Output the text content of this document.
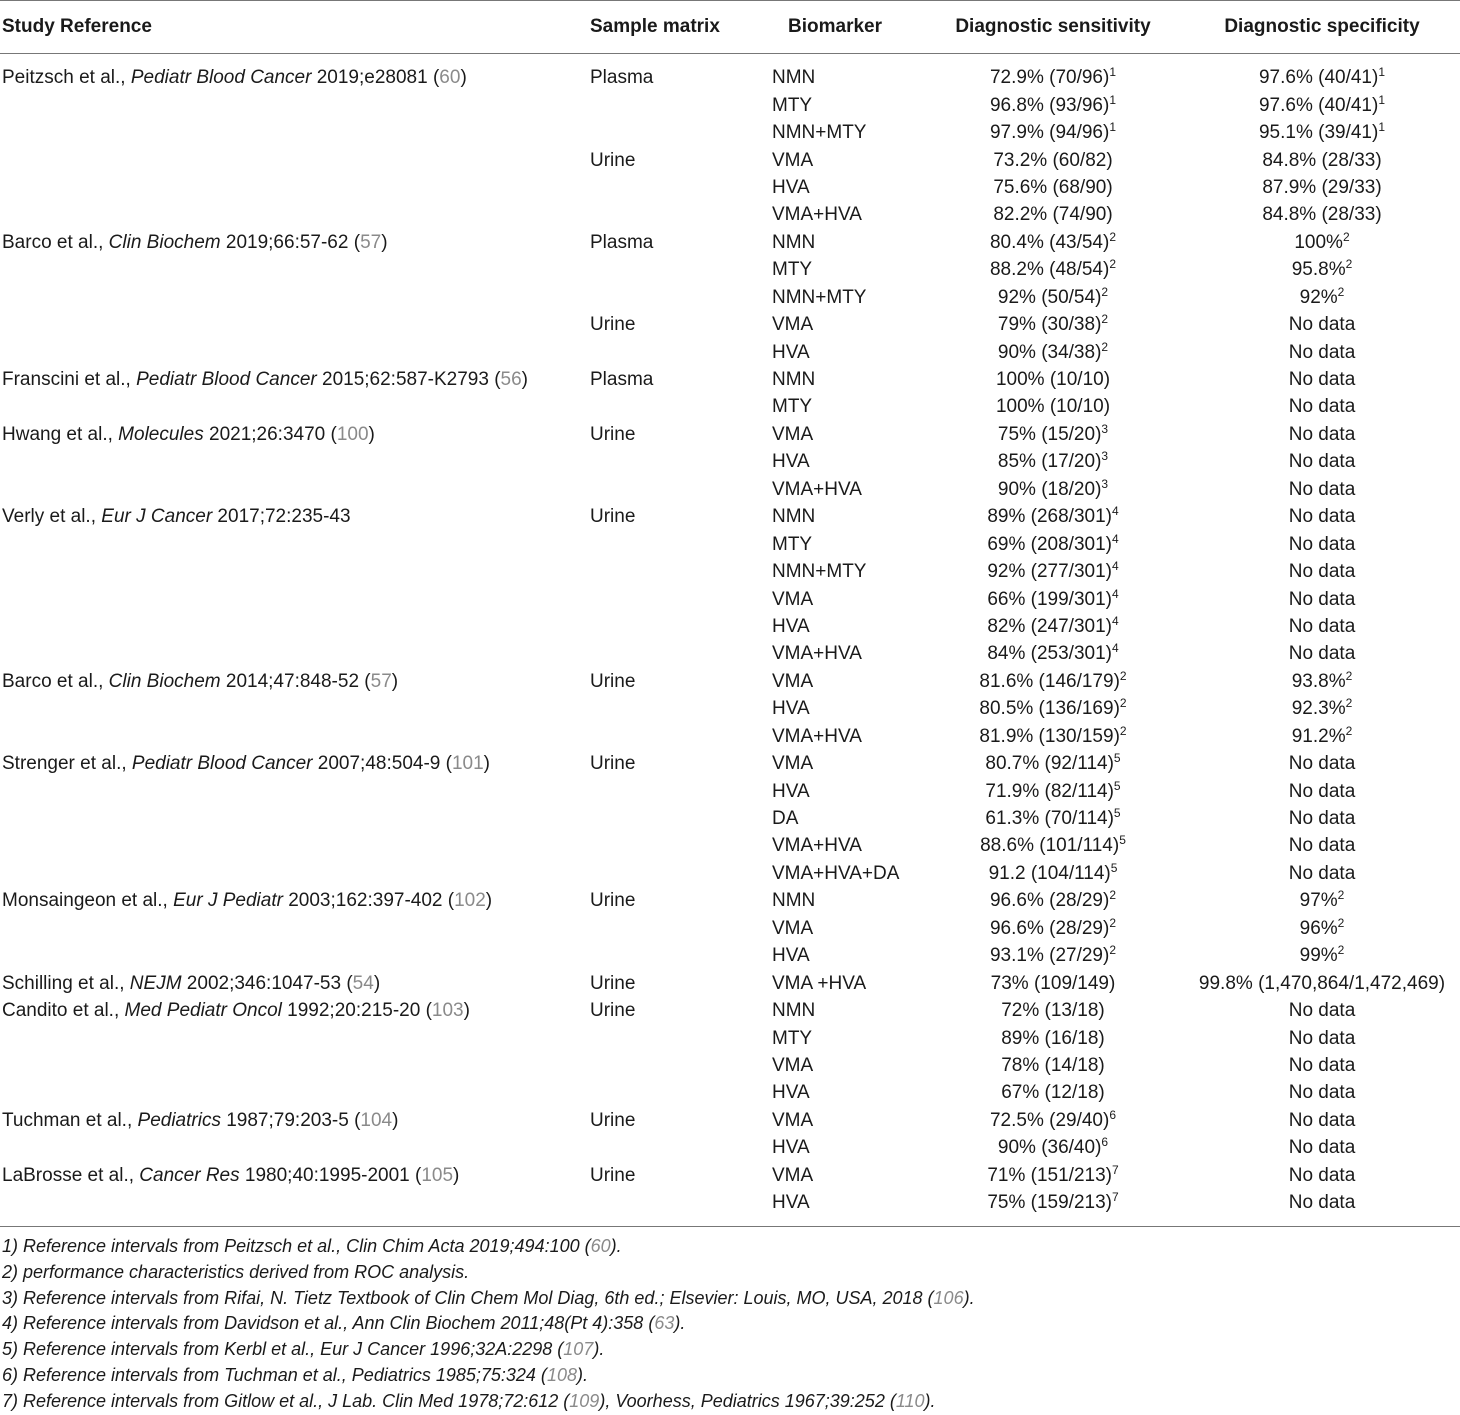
Study Reference	Sample matrix	Biomarker	Diagnostic sensitivity	Diagnostic specificity
Peitzsch et al., Pediatr Blood Cancer 2019;e28081 (60)	Plasma	NMN	72.9% $(70/96)^1$	97.6% $(40/41)^1$
		MTY	96.8% $(93/96)^1$	97.6% $(40/41)^1$
		NMN+MTY	97.9% $(94/96)^1$	95.1% $(39/41)^1$
	Urine	VMA	73.2% (60/82)	84.8% (28/33)
		HVA	75.6% (68/90)	87.9% (29/33)
		VMA+HVA	82.2% (74/90)	84.8% (28/33)
Barco et al., Clin Biochem 2019;66:57-62 (57)	Plasma	NMN	80.4% $(43/54)^2$	100%$^2$
		MTY	88.2% $(48/54)^2$	95.8%$^2$
		NMN+MTY	92% $(50/54)^2$	92%$^2$
	Urine	VMA	79% $(30/38)^2$	No data
		HVA	90% $(34/38)^2$	No data
Franscini et al., Pediatr Blood Cancer 2015;62:587-K2793 (56)	Plasma	NMN	100% (10/10)	No data
		MTY	100% (10/10)	No data
Hwang et al., Molecules 2021;26:3470 (100)	Urine	VMA	75% $(15/20)^3$	No data
		HVA	85% $(17/20)^3$	No data
		VMA+HVA	90% $(18/20)^3$	No data
Verly et al., Eur J Cancer 2017;72:235-43	Urine	NMN	89% $(268/301)^4$	No data
		MTY	69% $(208/301)^4$	No data
		NMN+MTY	92% $(277/301)^4$	No data
		VMA	66% $(199/301)^4$	No data
		HVA	82% $(247/301)^4$	No data
		VMA+HVA	84% $(253/301)^4$	No data
Barco et al., Clin Biochem 2014;47:848-52 (57)	Urine	VMA	81.6% $(146/179)^2$	93.8%$^2$
		HVA	80.5% $(136/169)^2$	92.3%$^2$
		VMA+HVA	81.9% $(130/159)^2$	91.2%$^2$
Strenger et al., Pediatr Blood Cancer 2007;48:504-9 (101)	Urine	VMA	80.7% $(92/114)^5$	No data
		HVA	71.9% $(82/114)^5$	No data
		DA	61.3% $(70/114)^5$	No data
		VMA+HVA	88.6% $(101/114)^5$	No data
		VMA+HVA+DA	91.2 $(104/114)^5$	No data
Monsaingeon et al., Eur J Pediatr 2003;162:397-402 (102)	Urine	NMN	96.6% $(28/29)^2$	97%$^2$
		VMA	96.6% $(28/29)^2$	96%$^2$
		HVA	93.1% $(27/29)^2$	99%$^2$
Schilling et al., NEJM 2002;346:1047-53 (54)	Urine	VMA +HVA	73% (109/149)	99.8% (1,470,864/1,472,469)
Candito et al., Med Pediatr Oncol 1992;20:215-20 (103)	Urine	NMN	72% (13/18)	No data
		MTY	89% (16/18)	No data
		VMA	78% (14/18)	No data
		HVA	67% (12/18)	No data
Tuchman et al., Pediatrics 1987;79:203-5 (104)	Urine	VMA	72.5% $(29/40)^6$	No data
		HVA	90% $(36/40)^6$	No data
LaBrosse et al., Cancer Res 1980;40:1995-2001 (105)	Urine	VMA	71% $(151/213)^7$	No data
		HVA	75% $(159/213)^7$	No data
1) Reference intervals from Peitzsch et al., Clin Chim Acta 2019;494:100 (60).
2) performance characteristics derived from ROC analysis.
3) Reference intervals from Rifai, N. Tietz Textbook of Clin Chem Mol Diag, 6th ed.; Elsevier: Louis, MO, USA, 2018 (106).
4) Reference intervals from Davidson et al., Ann Clin Biochem 2011;48(Pt 4):358 (63).
5) Reference intervals from Kerbl et al., Eur J Cancer 1996;32A:2298 (107).
6) Reference intervals from Tuchman et al., Pediatrics 1985;75:324 (108).
7) Reference intervals from Gitlow et al., J Lab. Clin Med 1978;72:612 (109), Voorhess, Pediatrics 1967;39:252 (110).
